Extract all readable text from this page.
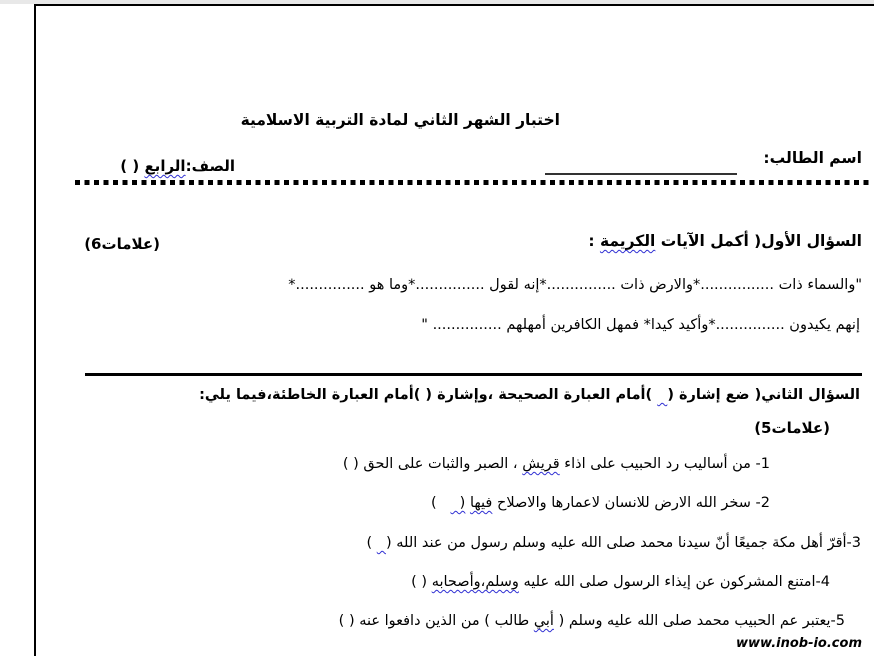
اختبار الشهر الثاني لمادة التربية الاسلامية
اسم الطالب:
الصف:الرابع ( )
السؤال الأول) أكمل الآيات الكريمة :
(6علامات)
"والسماء ذات ................*والارض ذات ...............*إنه لقول ...............*وما هو ...............*
إنهم يكيدون ...............*وأكيد كيدا* فمهل الكافرين أمهلهم ............... "
السؤال الثاني) ضع إشارة (   )أمام العبارة الصحيحة ،وإشارة ( )أمام العبارة الخاطئة،فيما يلي:
(5علامات)
1- من أساليب رد الحبيب على اذاء قريش ، الصبر والثبات على الحق ( )
2- سخر الله الارض للانسان لاعمارها والاصلاح فيها (     )
3-أقرّ أهل مكة جميعًا أنّ سيدنا محمد صلى الله عليه وسلم رسول من عند الله (   )
4-امتنع المشركون عن إيذاء الرسول صلى الله عليه وسلم،وأصحابه ( )
5-يعتبر عم الحبيب محمد صلى الله عليه وسلم ( أبي طالب ) من الذين دافعوا عنه ( )
www.inob-io.com
